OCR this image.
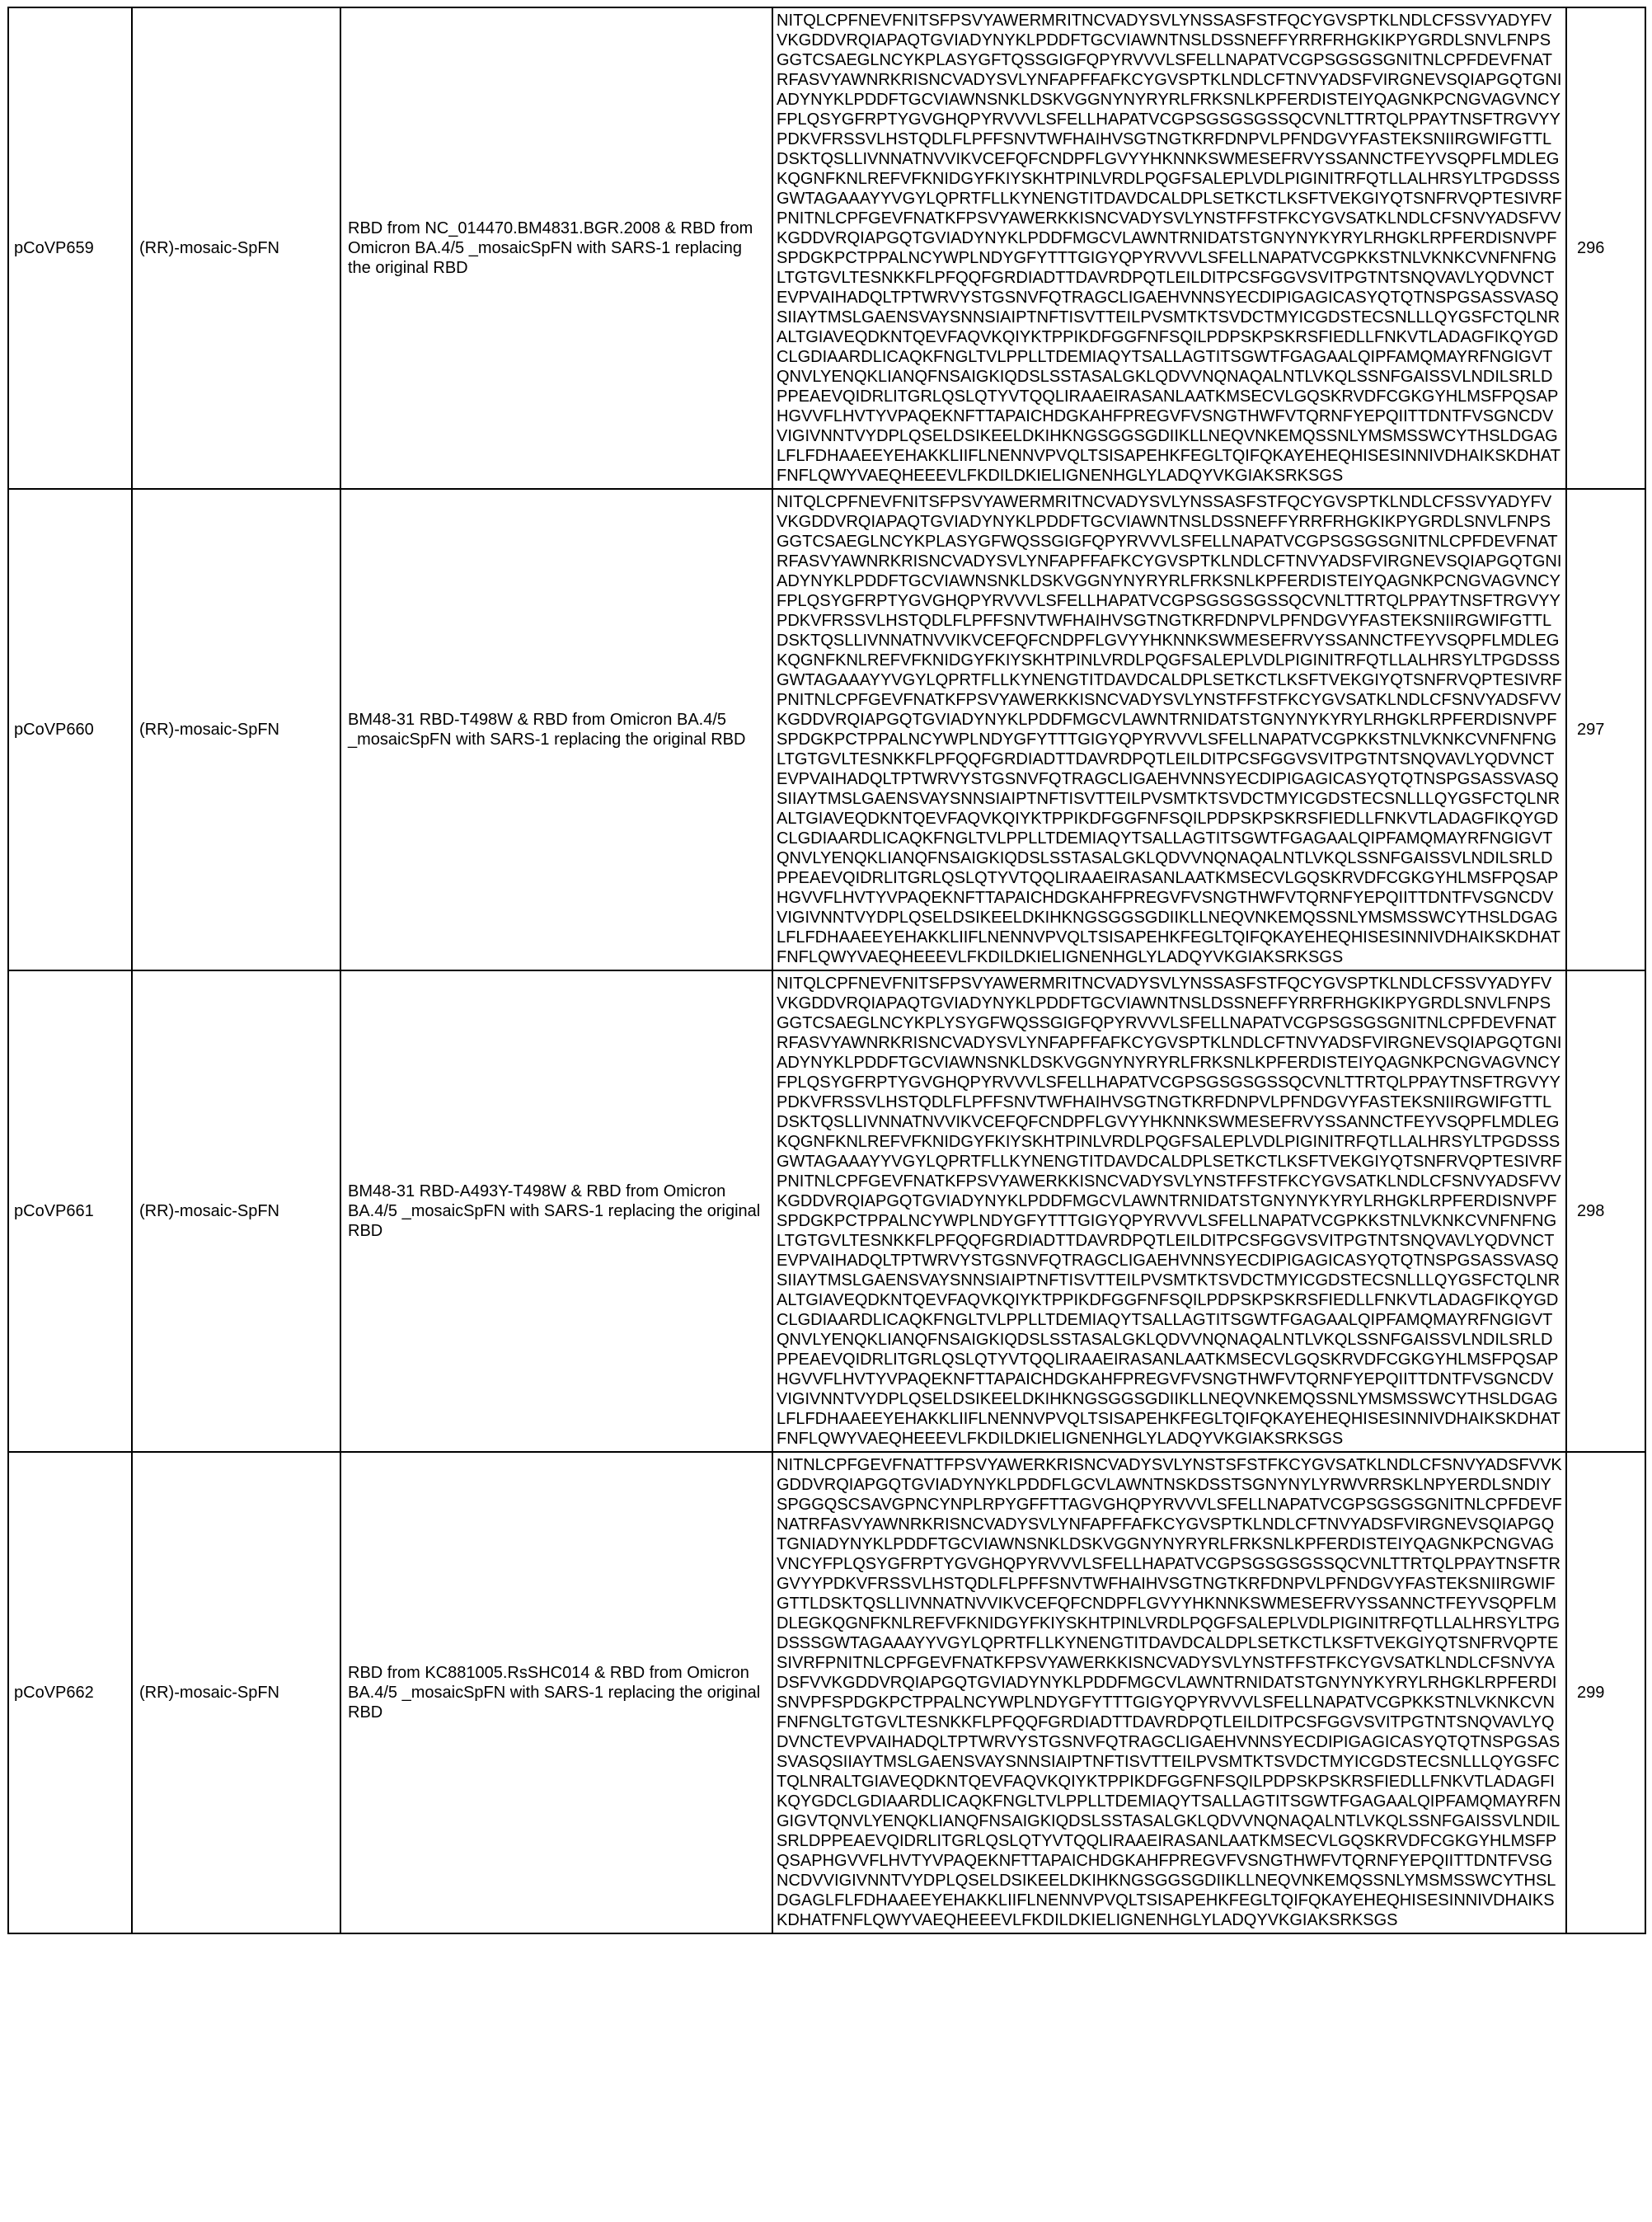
pCoVP659	(RR)-mosaic-SpFN	RBD from NC_014470.BM4831.BGR.2008 & RBD from Omicron BA.4/5 _mosaicSpFN with SARS-1 replacing the original RBD	NITQLCPFNEVFNITSFPSVYAWERMRITNCVADYSVLYNSSASFSTFQCYGVSPTKLNDLCFSSVYADYFVVKGDDVRQIAPAQTGVIADYNYKLPDDFTGCVIAWNTNSLDSSNEFFYRRFRHGKIKPYGRDLSNVLFNPSGGTCSAEGLNCYKPLASYGFTQSSGIGFQPYRVVVLSFELLNAPATVCGPSGSGSGNITNLCPFDEVFNATRFASVYAWNRKRISNCVADYSVLYNFAPFFAFKCYGVSPTKLNDLCFTNVYADSFVIRGNEVSQIAPGQTGNIADYNYKLPDDFTGCVIAWNSNKLDSKVGGNYNYRYRLFRKSNLKPFERDISTEIYQAGNKPCNGVAGVNCYFPLQSYGFRPTYGVGHQPYRVVVLSFELLHAPATVCGPSGSGSGSSQCVNLTTRTQLPPAYTNSFTRGVYYPDKVFRSSVLHSTQDLFLPFFSNVTWFHAIHVSGTNGTKRFDNPVLPFNDGVYFASTEKSNIIRGWIFGTTLDSKTQSLLIVNNATNVVIKVCEFQFCNDPFLGVYYHKNNKSWMESEFRVYSSANNCTFEYVSQPFLMDLEGKQGNFKNLREFVFKNIDGYFKIYSKHTPINLVRDLPQGFSALEPLVDLPIGINITRFQTLLALHRSYLTPGDSSSGWTAGAAAYYVGYLQPRTFLLKYNENGTITDAVDCALDPLSETKCTLKSFTVEKGIYQTSNFRVQPTESIVRFPNITNLCPFGEVFNATKFPSVYAWERKKISNCVADYSVLYNSTFFSTFKCYGVSATKLNDLCFSNVYADSFVVKGDDVRQIAPGQTGVIADYNYKLPDDFMGCVLAWNTRNIDATSTGNYNYKYRYLRHGKLRPFERDISNVPFSPDGKPCTPPALNCYWPLNDYGFYTTTGIGYQPYRVVVLSFELLNAPATVCGPKKSTNLVKNKCVNFNFNGLTGTGVLTESNKKFLPFQQFGRDIADTTDAVRDPQTLEILDITPCSFGGVSVITPGTNTSNQVAVLYQDVNCTEVPVAIHADQLTPTWRVYSTGSNVFQTRAGCLIGAEHVNNSYECDIPIGAGICASYQTQTNSPGSASSVASQSIIAYTMSLGAENSVAYSNNSIAIPTNFTISVTTEILPVSMTKTSVDCTMYICGDSTECSNLLLQYGSFCTQLNRALTGIAVEQDKNTQEVFAQVKQIYKTPPIKDFGGFNFSQILPDPSKPSKRSFIEDLLFNKVTLADAGFIKQYGDCLGDIAARDLICAQKFNGLTVLPPLLTDEMIAQYTSALLAGTITSGWTFGAGAALQIPFAMQMAYRFNGIGVTQNVLYENQKLIANQFNSAIGKIQDSLSSTASALGKLQDVVNQNAQALNTLVKQLSSNFGAISSVLNDILSRLDPPEAEVQIDRLITGRLQSLQTYVTQQLIRAAEIRASANLAATKMSECVLGQSKRVDFCGKGYHLMSFPQSAPHGVVFLHVTYVPAQEKNFTTAPAICHDGKAHFPREGVFVSNGTHWFVTQRNFYEPQIITTDNTFVSGNCDVVIGIVNNTVYDPLQSELDSIKEELDKIHKNGSGGSGDIIKLLNEQVNKEMQSSNLYMSMSSWCYTHSLDGAGLFLFDHAAEEYEHAKKLIIFLNENNVPVQLTSISAPEHKFEGLTQIFQKAYEHEQHISESINNIVDHAIKSKDHATFNFLQWYVAEQHEEEVLFKDILDKIELIGNENHGLYLADQYVKGIAKSRKSGS	296
pCoVP660	(RR)-mosaic-SpFN	BM48-31 RBD-T498W & RBD from Omicron BA.4/5 _mosaicSpFN with SARS-1 replacing the original RBD	NITQLCPFNEVFNITSFPSVYAWERMRITNCVADYSVLYNSSASFSTFQCYGVSPTKLNDLCFSSVYADYFVVKGDDVRQIAPAQTGVIADYNYKLPDDFTGCVIAWNTNSLDSSNEFFYRRFRHGKIKPYGRDLSNVLFNPSGGTCSAEGLNCYKPLASYGFWQSSGIGFQPYRVVVLSFELLNAPATVCGPSGSGSGNITNLCPFDEVFNATRFASVYAWNRKRISNCVADYSVLYNFAPFFAFKCYGVSPTKLNDLCFTNVYADSFVIRGNEVSQIAPGQTGNIADYNYKLPDDFTGCVIAWNSNKLDSKVGGNYNYRYRLFRKSNLKPFERDISTEIYQAGNKPCNGVAGVNCYFPLQSYGFRPTYGVGHQPYRVVVLSFELLHAPATVCGPSGSGSGSSQCVNLTTRTQLPPAYTNSFTRGVYYPDKVFRSSVLHSTQDLFLPFFSNVTWFHAIHVSGTNGTKRFDNPVLPFNDGVYFASTEKSNIIRGWIFGTTLDSKTQSLLIVNNATNVVIKVCEFQFCNDPFLGVYYHKNNKSWMESEFRVYSSANNCTFEYVSQPFLMDLEGKQGNFKNLREFVFKNIDGYFKIYSKHTPINLVRDLPQGFSALEPLVDLPIGINITRFQTLLALHRSYLTPGDSSSGWTAGAAAYYVGYLQPRTFLLKYNENGTITDAVDCALDPLSETKCTLKSFTVEKGIYQTSNFRVQPTESIVRFPNITNLCPFGEVFNATKFPSVYAWERKKISNCVADYSVLYNSTFFSTFKCYGVSATKLNDLCFSNVYADSFVVKGDDVRQIAPGQTGVIADYNYKLPDDFMGCVLAWNTRNIDATSTGNYNYKYRYLRHGKLRPFERDISNVPFSPDGKPCTPPALNCYWPLNDYGFYTTTGIGYQPYRVVVLSFELLNAPATVCGPKKSTNLVKNKCVNFNFNGLTGTGVLTESNKKFLPFQQFGRDIADTTDAVRDPQTLEILDITPCSFGGVSVITPGTNTSNQVAVLYQDVNCTEVPVAIHADQLTPTWRVYSTGSNVFQTRAGCLIGAEHVNNSYECDIPIGAGICASYQTQTNSPGSASSVASQSIIAYTMSLGAENSVAYSNNSIAIPTNFTISVTTEILPVSMTKTSVDCTMYICGDSTECSNLLLQYGSFCTQLNRALTGIAVEQDKNTQEVFAQVKQIYKTPPIKDFGGFNFSQILPDPSKPSKRSFIEDLLFNKVTLADAGFIKQYGDCLGDIAARDLICAQKFNGLTVLPPLLTDEMIAQYTSALLAGTITSGWTFGAGAALQIPFAMQMAYRFNGIGVTQNVLYENQKLIANQFNSAIGKIQDSLSSTASALGKLQDVVNQNAQALNTLVKQLSSNFGAISSVLNDILSRLDPPEAEVQIDRLITGRLQSLQTYVTQQLIRAAEIRASANLAATKMSECVLGQSKRVDFCGKGYHLMSFPQSAPHGVVFLHVTYVPAQEKNFTTAPAICHDGKAHFPREGVFVSNGTHWFVTQRNFYEPQIITTDNTFVSGNCDVVIGIVNNTVYDPLQSELDSIKEELDKIHKNGSGGSGDIIKLLNEQVNKEMQSSNLYMSMSSWCYTHSLDGAGLFLFDHAAEEYEHAKKLIIFLNENNVPVQLTSISAPEHKFEGLTQIFQKAYEHEQHISESINNIVDHAIKSKDHATFNFLQWYVAEQHEEEVLFKDILDKIELIGNENHGLYLADQYVKGIAKSRKSGS	297
pCoVP661	(RR)-mosaic-SpFN	BM48-31 RBD-A493Y-T498W & RBD from Omicron BA.4/5 _mosaicSpFN with SARS-1 replacing the original RBD	NITQLCPFNEVFNITSFPSVYAWERMRITNCVADYSVLYNSSASFSTFQCYGVSPTKLNDLCFSSVYADYFVVKGDDVRQIAPAQTGVIADYNYKLPDDFTGCVIAWNTNSLDSSNEFFYRRFRHGKIKPYGRDLSNVLFNPSGGTCSAEGLNCYKPLYSYGFWQSSGIGFQPYRVVVLSFELLNAPATVCGPSGSGSGNITNLCPFDEVFNATRFASVYAWNRKRISNCVADYSVLYNFAPFFAFKCYGVSPTKLNDLCFTNVYADSFVIRGNEVSQIAPGQTGNIADYNYKLPDDFTGCVIAWNSNKLDSKVGGNYNYRYRLFRKSNLKPFERDISTEIYQAGNKPCNGVAGVNCYFPLQSYGFRPTYGVGHQPYRVVVLSFELLHAPATVCGPSGSGSGSSQCVNLTTRTQLPPAYTNSFTRGVYYPDKVFRSSVLHSTQDLFLPFFSNVTWFHAIHVSGTNGTKRFDNPVLPFNDGVYFASTEKSNIIRGWIFGTTLDSKTQSLLIVNNATNVVIKVCEFQFCNDPFLGVYYHKNNKSWMESEFRVYSSANNCTFEYVSQPFLMDLEGKQGNFKNLREFVFKNIDGYFKIYSKHTPINLVRDLPQGFSALEPLVDLPIGINITRFQTLLALHRSYLTPGDSSSGWTAGAAAYYVGYLQPRTFLLKYNENGTITDAVDCALDPLSETKCTLKSFTVEKGIYQTSNFRVQPTESIVRFPNITNLCPFGEVFNATKFPSVYAWERKKISNCVADYSVLYNSTFFSTFKCYGVSATKLNDLCFSNVYADSFVVKGDDVRQIAPGQTGVIADYNYKLPDDFMGCVLAWNTRNIDATSTGNYNYKYRYLRHGKLRPFERDISNVPFSPDGKPCTPPALNCYWPLNDYGFYTTTGIGYQPYRVVVLSFELLNAPATVCGPKKSTNLVKNKCVNFNFNGLTGTGVLTESNKKFLPFQQFGRDIADTTDAVRDPQTLEILDITPCSFGGVSVITPGTNTSNQVAVLYQDVNCTEVPVAIHADQLTPTWRVYSTGSNVFQTRAGCLIGAEHVNNSYECDIPIGAGICASYQTQTNSPGSASSVASQSIIAYTMSLGAENSVAYSNNSIAIPTNFTISVTTEILPVSMTKTSVDCTMYICGDSTECSNLLLQYGSFCTQLNRALTGIAVEQDKNTQEVFAQVKQIYKTPPIKDFGGFNFSQILPDPSKPSKRSFIEDLLFNKVTLADAGFIKQYGDCLGDIAARDLICAQKFNGLTVLPPLLTDEMIAQYTSALLAGTITSGWTFGAGAALQIPFAMQMAYRFNGIGVTQNVLYENQKLIANQFNSAIGKIQDSLSSTASALGKLQDVVNQNAQALNTLVKQLSSNFGAISSVLNDILSRLDPPEAEVQIDRLITGRLQSLQTYVTQQLIRAAEIRASANLAATKMSECVLGQSKRVDFCGKGYHLMSFPQSAPHGVVFLHVTYVPAQEKNFTTAPAICHDGKAHFPREGVFVSNGTHWFVTQRNFYEPQIITTDNTFVSGNCDVVIGIVNNTVYDPLQSELDSIKEELDKIHKNGSGGSGDIIKLLNEQVNKEMQSSNLYMSMSSWCYTHSLDGAGLFLFDHAAEEYEHAKKLIIFLNENNVPVQLTSISAPEHKFEGLTQIFQKAYEHEQHISESINNIVDHAIKSKDHATFNFLQWYVAEQHEEEVLFKDILDKIELIGNENHGLYLADQYVKGIAKSRKSGS	298
pCoVP662	(RR)-mosaic-SpFN	RBD from KC881005.RsSHC014 & RBD from Omicron BA.4/5 _mosaicSpFN with SARS-1 replacing the original RBD	NITNLCPFGEVFNATTFPSVYAWERKRISNCVADYSVLYNSTSFSTFKCYGVSATKLNDLCFSNVYADSFVVKGDDVRQIAPGQTGVIADYNYKLPDDFLGCVLAWNTNSKDSSTSGNYNYLYRWVRRSKLNPYERDLSNDIYSPGGQSCSAVGPNCYNPLRPYGFFTTAGVGHQPYRVVVLSFELLNAPATVCGPSGSGSGNITNLCPFDEVFNATRFASVYAWNRKRISNCVADYSVLYNFAPFFAFKCYGVSPTKLNDLCFTNVYADSFVIRGNEVSQIAPGQTGNIADYNYKLPDDFTGCVIAWNSNKLDSKVGGNYNYRYRLFRKSNLKPFERDISTEIYQAGNKPCNGVAGVNCYFPLQSYGFRPTYGVGHQPYRVVVLSFELLHAPATVCGPSGSGSGSSQCVNLTTRTQLPPAYTNSFTRGVYYPDKVFRSSVLHSTQDLFLPFFSNVTWFHAIHVSGTNGTKRFDNPVLPFNDGVYFASTEKSNIIRGWIFGTTLDSKTQSLLIVNNATNVVIKVCEFQFCNDPFLGVYYHKNNKSWMESEFRVYSSANNCTFEYVSQPFLMDLEGKQGNFKNLREFVFKNIDGYFKIYSKHTPINLVRDLPQGFSALEPLVDLPIGINITRFQTLLALHRSYLTPGDSSSGWTAGAAAYYVGYLQPRTFLLKYNENGTITDAVDCALDPLSETKCTLKSFTVEKGIYQTSNFRVQPTESIVRFPNITNLCPFGEVFNATKFPSVYAWERKKISNCVADYSVLYNSTFFSTFKCYGVSATKLNDLCFSNVYADSFVVKGDDVRQIAPGQTGVIADYNYKLPDDFMGCVLAWNTRNIDATSTGNYNYKYRYLRHGKLRPFERDISNVPFSPDGKPCTPPALNCYWPLNDYGFYTTTGIGYQPYRVVVLSFELLNAPATVCGPKKSTNLVKNKCVNFNFNGLTGTGVLTESNKKFLPFQQFGRDIADTTDAVRDPQTLEILDITPCSFGGVSVITPGTNTSNQVAVLYQDVNCTEVPVAIHADQLTPTWRVYSTGSNVFQTRAGCLIGAEHVNNSYECDIPIGAGICASYQTQTNSPGSASSVASQSIIAYTMSLGAENSVAYSNNSIAIPTNFTISVTTEILPVSMTKTSVDCTMYICGDSTECSNLLLQYGSFCTQLNRALTGIAVEQDKNTQEVFAQVKQIYKTPPIKDFGGFNFSQILPDPSKPSKRSFIEDLLFNKVTLADAGFIKQYGDCLGDIAARDLICAQKFNGLTVLPPLLTDEMIAQYTSALLAGTITSGWTFGAGAALQIPFAMQMAYRFNGIGVTQNVLYENQKLIANQFNSAIGKIQDSLSSTASALGKLQDVVNQNAQALNTLVKQLSSNFGAISSVLNDILSRLDPPEAEVQIDRLITGRLQSLQTYVTQQLIRAAEIRASANLAATKMSECVLGQSKRVDFCGKGYHLMSFPQSAPHGVVFLHVTYVPAQEKNFTTAPAICHDGKAHFPREGVFVSNGTHWFVTQRNFYEPQIITTDNTFVSGNCDVVIGIVNNTVYDPLQSELDSIKEELDKIHKNGSGGSGDIIKLLNEQVNKEMQSSNLYMSMSSWCYTHSLDGAGLFLFDHAAEEYEHAKKLIIFLNENNVPVQLTSISAPEHKFEGLTQIFQKAYEHEQHISESINNIVDHAIKSKDHATFNFLQWYVAEQHEEEVLFKDILDKIELIGNENHGLYLADQYVKGIAKSRKSGS	299
